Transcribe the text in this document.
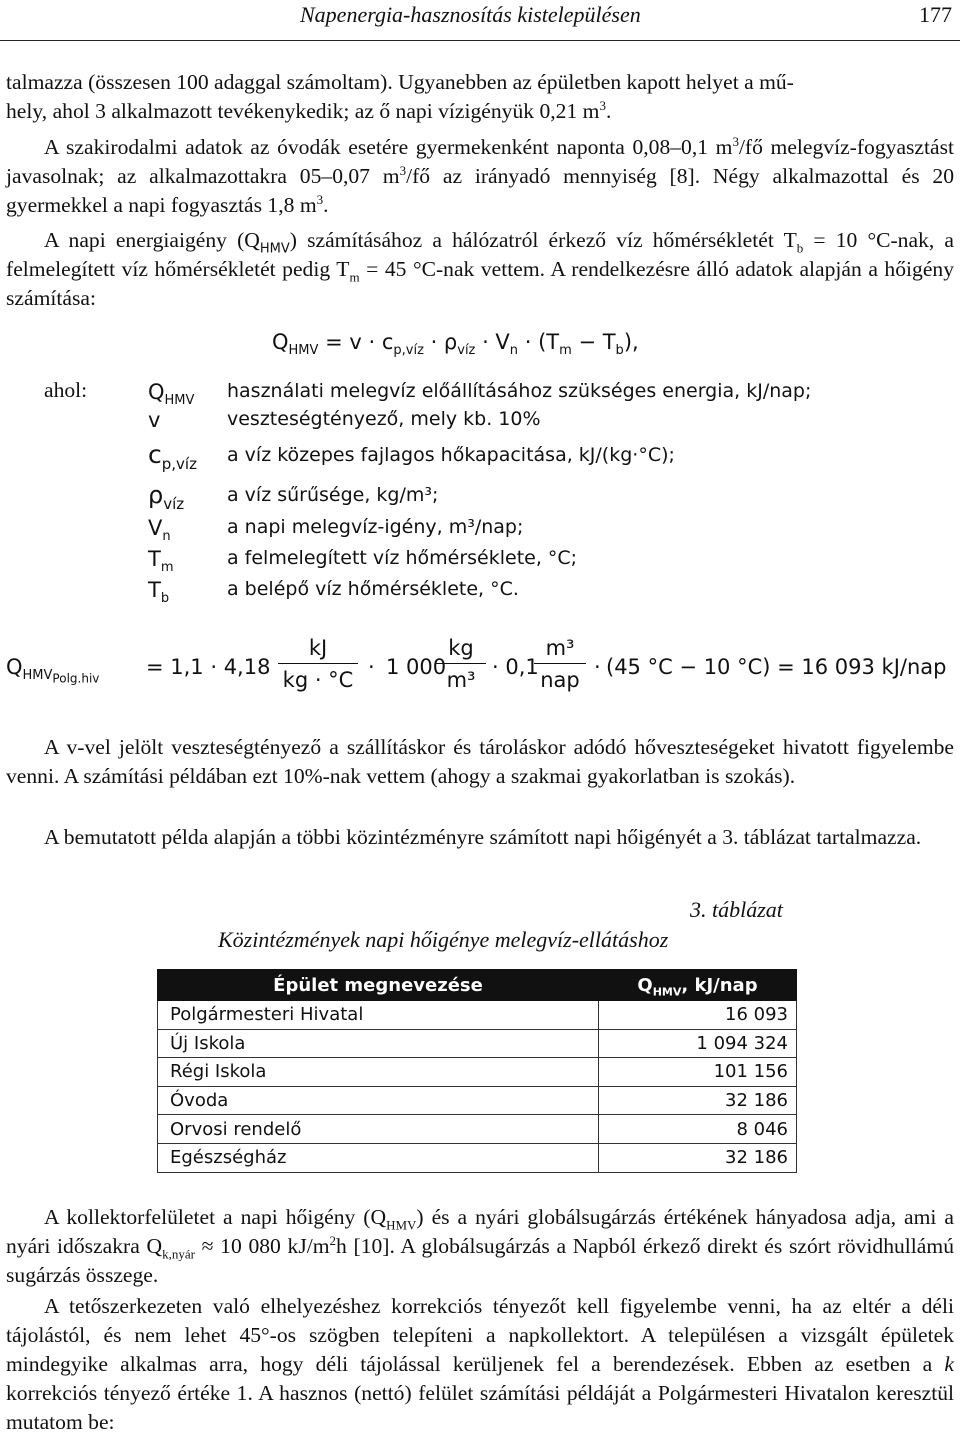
Napenergia-hasznosítás kistelepülésen	177
talmazza (összesen 100 adaggal számoltam). Ugyanebben az épületben kapott helyet a mű-
hely, ahol 3 alkalmazott tevékenykedik; az ő napi vízigényük 0,21 $m^3$.
A szakirodalmi adatok az óvodák esetére gyermekenként naponta 0,08–0,1 $m^3/fő$ melegvíz-fogyasztást javasolnak; az alkalmazottakra 05–0,07 $m^3/fő$ az irányadó mennyiség [8]. Négy alkalmazottal és 20 gyermekkel a napi fogyasztás 1,8 $m^3$.
A napi energiaigény $(Q_{HMV})$ számításához a hálózatról érkező víz hőmérsékletét $T_b = 10$ °C-nak, a felmelegített víz hőmérsékletét pedig $T_m = 45$ °C-nak vettem. A rendelkezésre álló adatok alapján a hőigény számítása:
$Q_{HMV} = v \cdot c_{p,víz} \cdot \rho_{víz} \cdot V_n \cdot (T_m - T_b)$,
ahol:	$Q_{HMV}$ használati melegvíz előállításához szükséges energia, kJ/nap;
v	veszteségtényező, mely kb. 10%
$c_{p,víz}$ a víz közepes fajlagos hőkapacitása, kJ/(kg·°C);
$\rho_{víz}$ a víz sűrűsége, kg/m³;
$V_n$	a napi melegvíz-igény, m³/nap;
$T_m$	a felmelegített víz hőmérséklete, °C;
$T_b$	a belépő víz hőmérséklete, °C.
$Q_{HMV_{Polg.hiv}} = 1,1 \cdot 4,18 \frac{kJ}{kg \cdot ^\circ C} \cdot 1$ 000
$\frac{kg}{\text{m³}} \cdot 0,1$
m³
nap
· (45 °C − 10 °C) = 16 093 kJ/nap
A v-vel jelölt veszteségtényező a szállításkor és tároláskor adódó hőveszteségeket hivatott figyelembe venni. A számítási példában ezt 10%-nak vettem (ahogy a szakmai gyakorlatban is szokás).
A bemutatott példa alapján a többi közintézményre számított napi hőigényét a 3. táblázat tartalmazza.
3. táblázat
Közintézmények napi hőigénye melegvíz-ellátáshoz
Épület megnevezése	$Q_{HMV}$, kJ/nap
Polgármesteri Hivatal	16 093
Új Iskola	1 094 324
Régi Iskola	101 156
Óvoda	32 186
Orvosi rendelő	8 046
Egészségház	32 186
A kollektorfelületet a napi hőigény $(Q_{HMV})$ és a nyári globálsugárzás értékének hányadosa adja, ami a nyári időszakra $Q_{k,nyár} \approx 10$ 080 $kJ/m^2h$ [10]. A globálsugárzás a Napból érkező direkt és szórt rövidhullámú sugárzás összege.
A tetőszerkezeten való elhelyezéshez korrekciós tényezőt kell figyelembe venni, ha az eltér a déli tájolástól, és nem lehet 45°-os szögben telepíteni a napkollektort. A településen a vizsgált épületek mindegyike alkalmas arra, hogy déli tájolással kerüljenek fel a berendezések. Ebben az esetben a k korrekciós tényező értéke 1. A hasznos (nettó) felület számítási példáját a Polgármesteri Hivatalon keresztül mutatom be:
